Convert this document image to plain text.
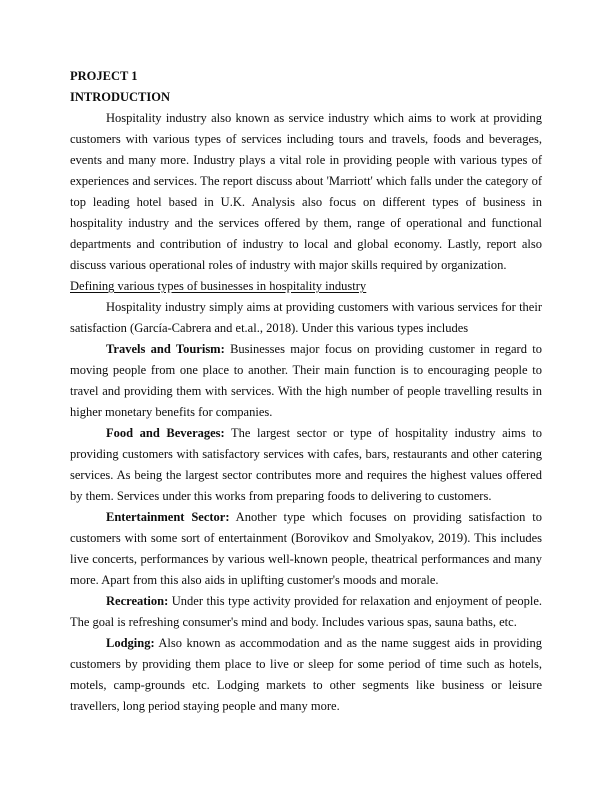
PROJECT 1

INTRODUCTION

Hospitality industry also known as service industry which aims to work at providing customers with various types of services including tours and travels, foods and beverages, events and many more. Industry plays a vital role in providing people with various types of experiences and services. The report discuss about 'Marriott' which falls under the category of top leading hotel based in U.K. Analysis also focus on different types of business in hospitality industry and the services offered by them, range of operational and functional departments and contribution of industry to local and global economy. Lastly, report also discuss various operational roles of industry with major skills required by organization.

Defining various types of businesses in hospitality industry

Hospitality industry simply aims at providing customers with various services for their satisfaction (García-Cabrera and et.al., 2018). Under this various types includes

Travels and Tourism: Businesses major focus on providing customer in regard to moving people from one place to another. Their main function is to encouraging people to travel and providing them with services. With the high number of people travelling results in higher monetary benefits for companies.

Food and Beverages: The largest sector or type of hospitality industry aims to providing customers with satisfactory services with cafes, bars, restaurants and other catering services. As being the largest sector contributes more and requires the highest values offered by them. Services under this works from preparing foods to delivering to customers.

Entertainment Sector: Another type which focuses on providing satisfaction to customers with some sort of entertainment (Borovikov and Smolyakov, 2019). This includes live concerts, performances by various well-known people, theatrical performances and many more. Apart from this also aids in uplifting customer's moods and morale.

Recreation: Under this type activity provided for relaxation and enjoyment of people. The goal is refreshing consumer's mind and body. Includes various spas, sauna baths, etc.

Lodging: Also known as accommodation and as the name suggest aids in providing customers by providing them place to live or sleep for some period of time such as hotels, motels, camp-grounds etc. Lodging markets to other segments like business or leisure travellers, long period staying people and many more.
